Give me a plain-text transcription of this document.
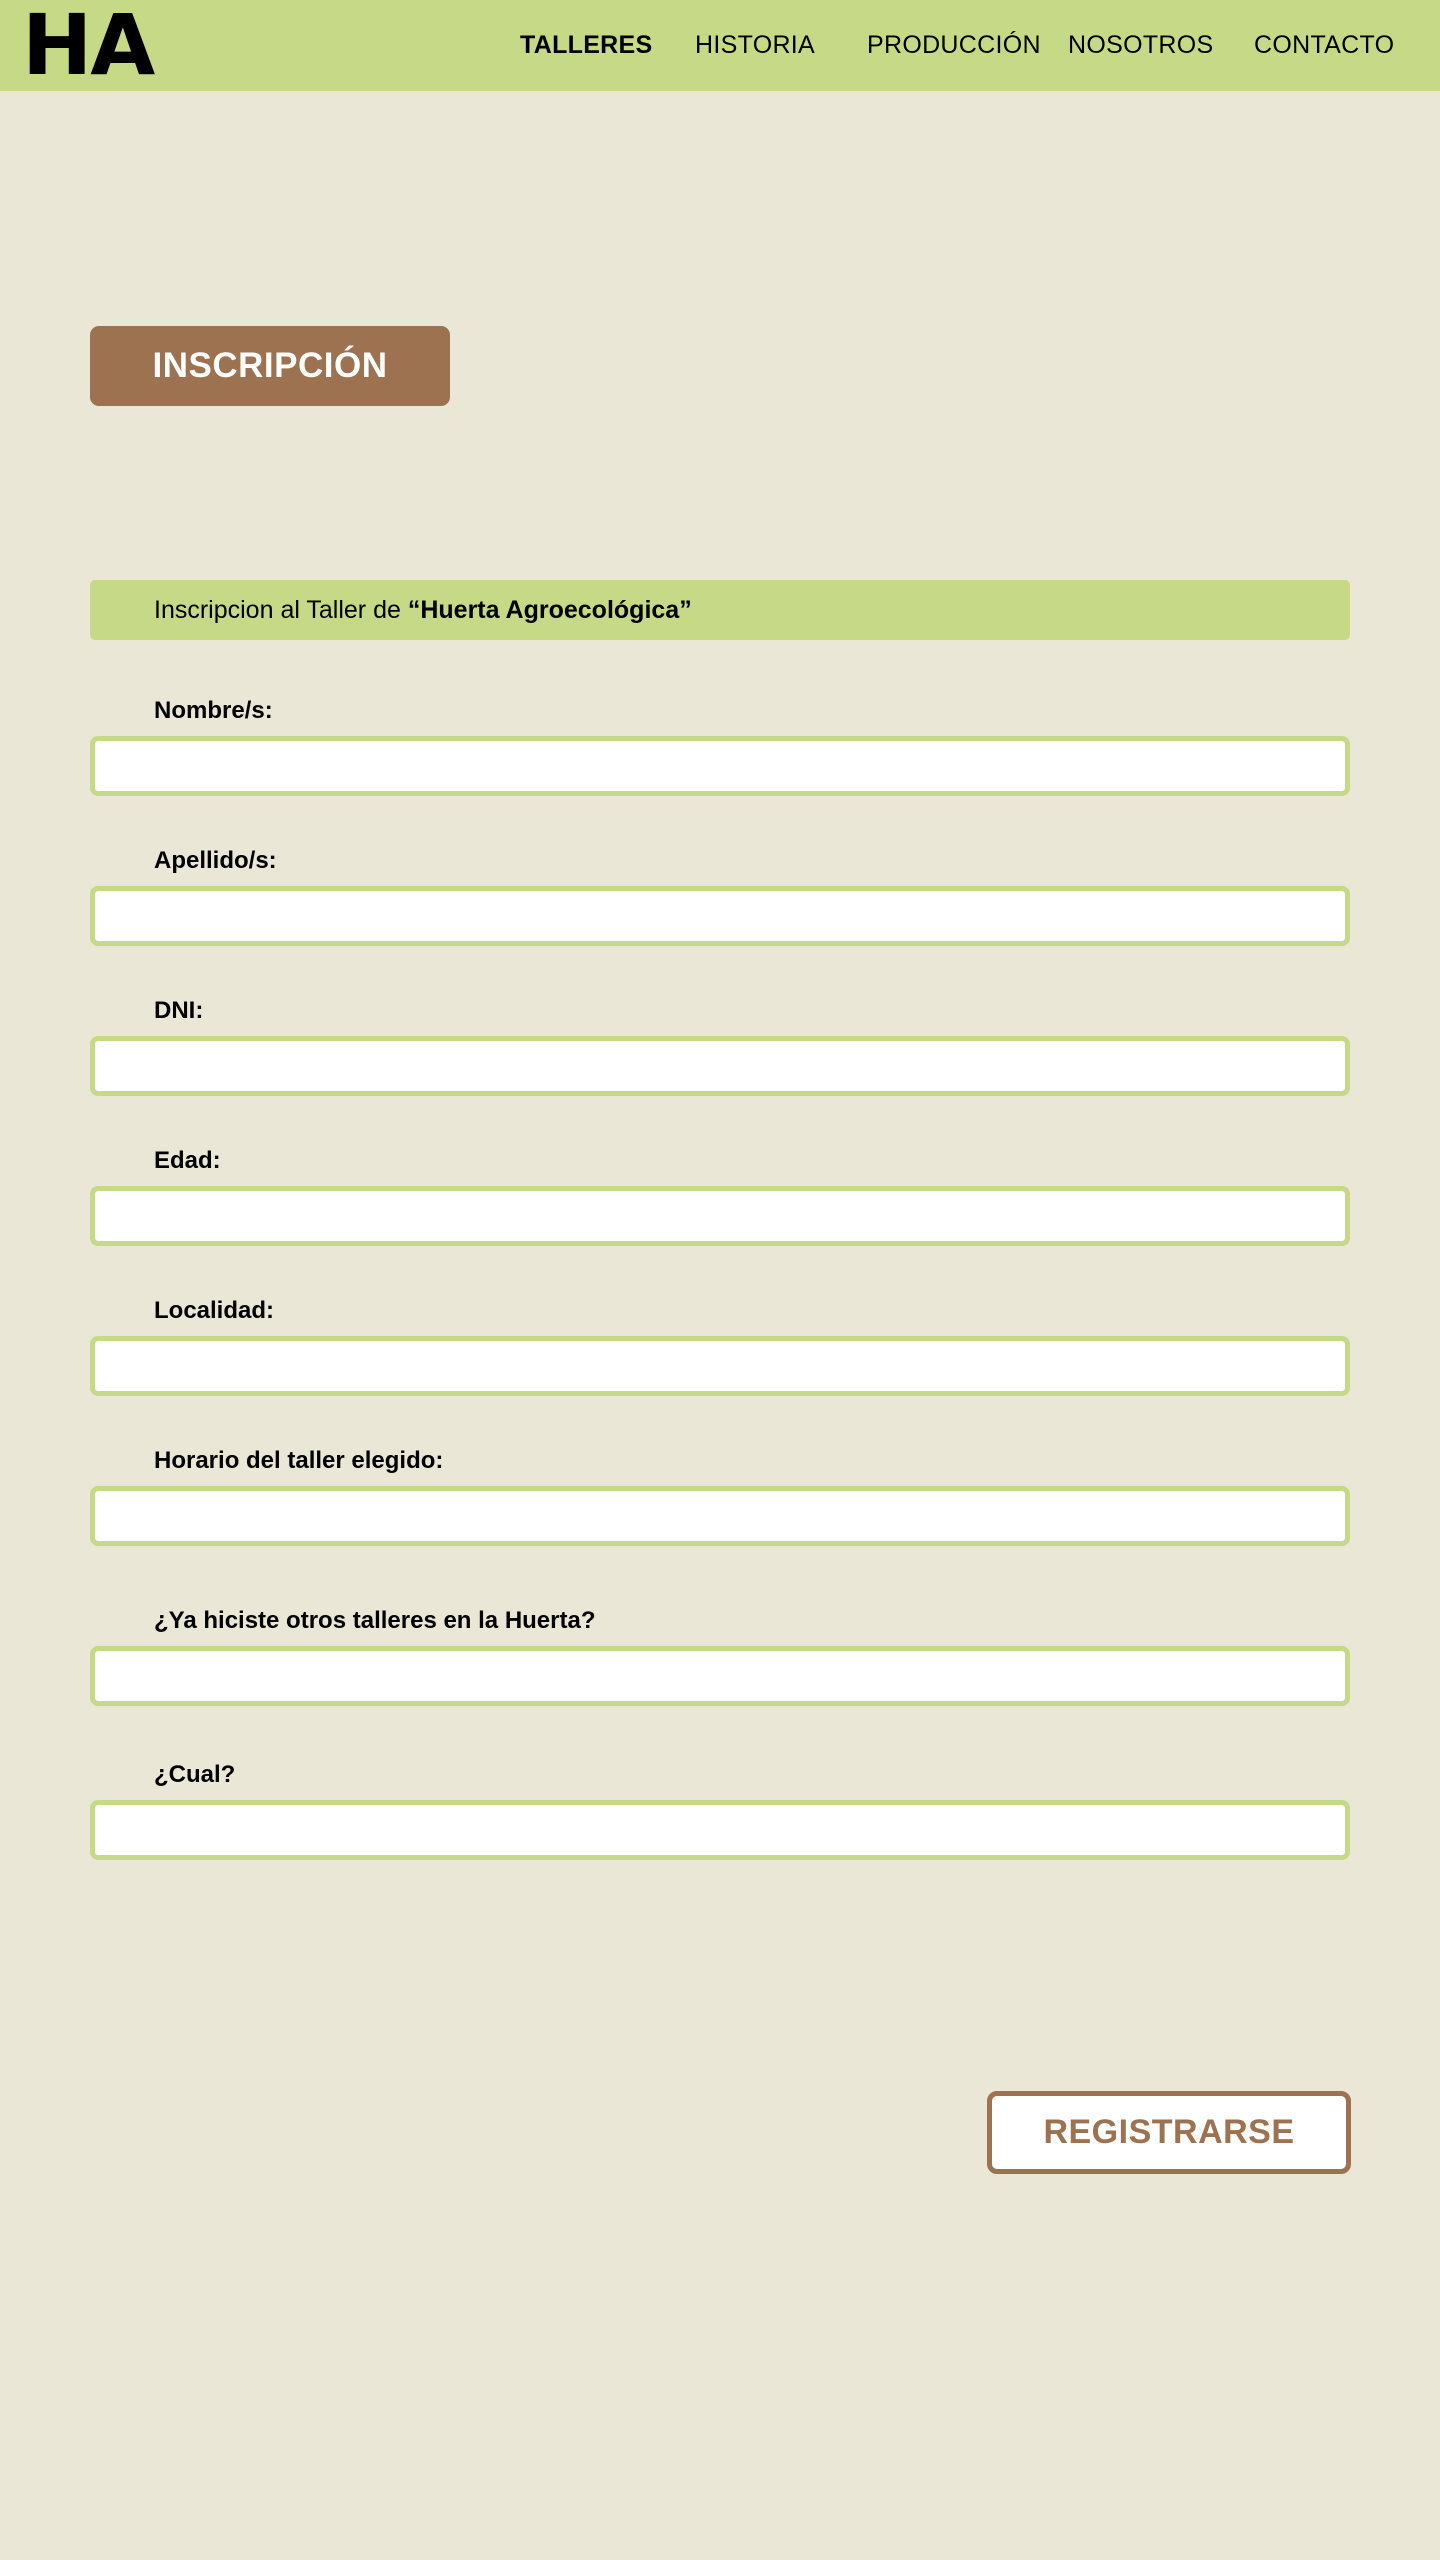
HA	TALLERES HISTORIA PRODUCCIÓN NOSOTROS CONTACTO
INSCRIPCIÓN
Inscripcion al Taller de “Huerta Agroecológica”
Nombre/s:
Apellido/s:
DNI:
Edad:
Localidad:
Horario del taller elegido:
¿Ya hiciste otros talleres en la Huerta?
¿Cual?
REGISTRARSE
